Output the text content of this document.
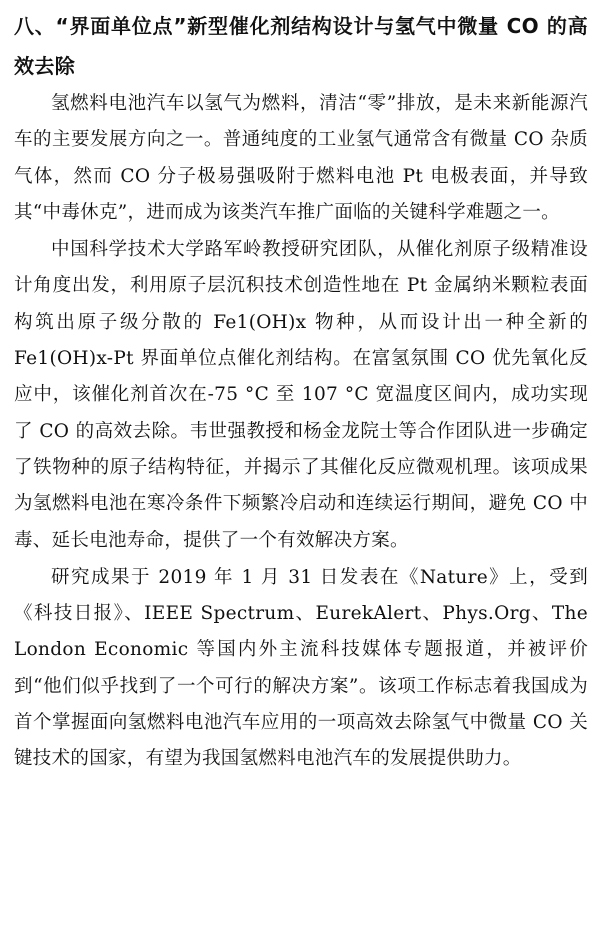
八、“界面单位点”新型催化剂结构设计与氢气中微量 CO 的高效去除

氢燃料电池汽车以氢气为燃料，清洁“零”排放，是未来新能源汽车的主要发展方向之一。普通纯度的工业氢气通常含有微量 CO 杂质气体，然而 CO 分子极易强吸附于燃料电池 Pt 电极表面，并导致其“中毒休克”，进而成为该类汽车推广面临的关键科学难题之一。

中国科学技术大学路军岭教授研究团队，从催化剂原子级精准设计角度出发，利用原子层沉积技术创造性地在 Pt 金属纳米颗粒表面构筑出原子级分散的 Fe1(OH)x 物种，从而设计出一种全新的 Fe1(OH)x-Pt 界面单位点催化剂结构。在富氢氛围 CO 优先氧化反应中，该催化剂首次在-75 °C 至 107 °C 宽温度区间内，成功实现了 CO 的高效去除。韦世强教授和杨金龙院士等合作团队进一步确定了铁物种的原子结构特征，并揭示了其催化反应微观机理。该项成果为氢燃料电池在寒冷条件下频繁冷启动和连续运行期间，避免 CO 中毒、延长电池寿命，提供了一个有效解决方案。

研究成果于 2019 年 1 月 31 日发表在《Nature》上，受到《科技日报》、IEEE Spectrum、EurekAlert、Phys.Org、The London Economic 等国内外主流科技媒体专题报道，并被评价到“他们似乎找到了一个可行的解决方案”。该项工作标志着我国成为首个掌握面向氢燃料电池汽车应用的一项高效去除氢气中微量 CO 关键技术的国家，有望为我国氢燃料电池汽车的发展提供助力。
